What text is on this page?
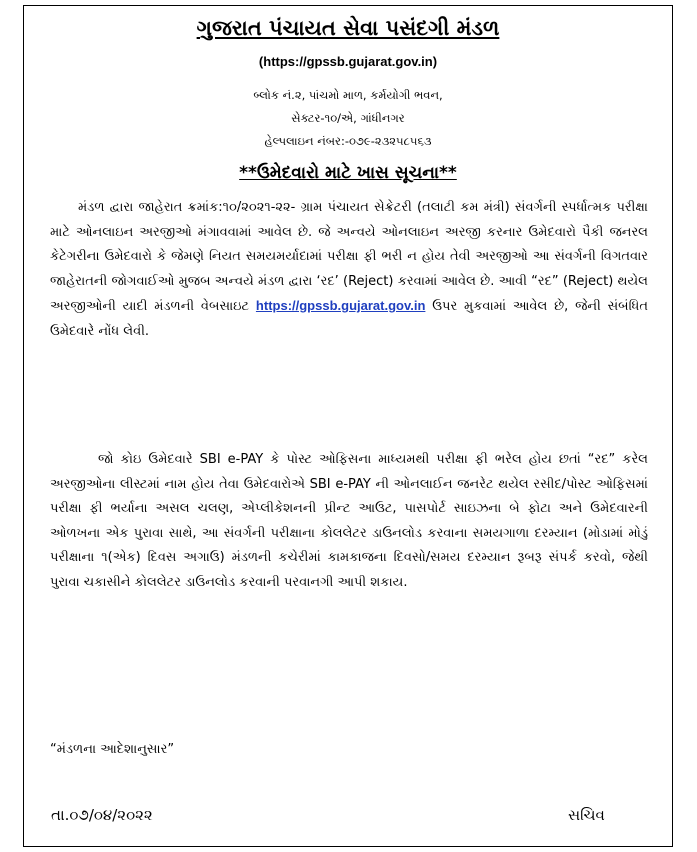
ગુજરાત પંચાયત સેવા પસંદગી મંડળ
(https://gpssb.gujarat.gov.in)
બ્લોક નં.૨, પાંચમો માળ, કર્મયોગી ભવન,
સેક્ટર-૧૦/એ, ગાંધીનગર
હેલ્પલાઇન નંબર:-૦૭૯-૨૩૨૫૮૫૬૩
**ઉમેદવારો માટે ખાસ સૂચના**
મંડળ દ્વારા જાહેરાત ક્રમાંક:૧૦/૨૦૨૧-૨૨- ગ્રામ પંચાયત સેક્રેટરી (તલાટી કમ મંત્રી) સંવર્ગની સ્પર્ધાત્મક પરીક્ષા માટે ઓનલાઇન અરજીઓ મંગાવવામાં આવેલ છે. જે અન્વયે ઓનલાઇન અરજી કરનાર ઉમેદવારો પૈકી જનરલ કેટેગરીના ઉમેદવારો કે જેમણે નિયત સમયમર્યાદામાં પરીક્ષા ફી ભરી ન હોય તેવી અરજીઓ આ સંવર્ગની વિગતવાર જાહેરાતની જોગવાઈઓ મુજબ અન્વયે મંડળ દ્વારા ‘રદ’ (Reject) કરવામાં આવેલ છે. આવી “રદ” (Reject) થયેલ અરજીઓની યાદી મંડળની વેબસાઇટ https://gpssb.gujarat.gov.in ઉપર મુકવામાં આવેલ છે, જેની સંબંધિત ઉમેદવારે નોંધ લેવી.
જો કોઇ ઉમેદવારે SBI e-PAY કે પોસ્ટ ઓફિસના માધ્યમથી પરીક્ષા ફી ભરેલ હોય છતાં “રદ” કરેલ અરજીઓના લીસ્ટમાં નામ હોય તેવા ઉમેદવારોએ SBI e-PAY ની ઓનલાઈન જનરેટ થયેલ રસીદ/પોસ્ટ ઓફિસમાં પરીક્ષા ફી ભર્યાના અસલ ચલણ, એપ્લીકેશનની પ્રીન્ટ આઉટ, પાસપોર્ટ સાઇઝના બે ફોટા અને ઉમેદવારની ઓળખના એક પુરાવા સાથે, આ સંવર્ગની પરીક્ષાના કોલલેટર ડાઉનલોડ કરવાના સમયગાળા દરમ્યાન (મોડામાં મોડું પરીક્ષાના ૧(એક) દિવસ અગાઉ) મંડળની કચેરીમાં કામકાજના દિવસો/સમય દરમ્યાન રૂબરૂ સંપર્ક કરવો, જેથી પુરાવા ચકાસીને કોલલેટર ડાઉનલોડ કરવાની પરવાનગી આપી શકાય.
“મંડળના આદેશાનુસાર”
તા.૦૭/૦૪/૨૦૨૨	સચિવ
